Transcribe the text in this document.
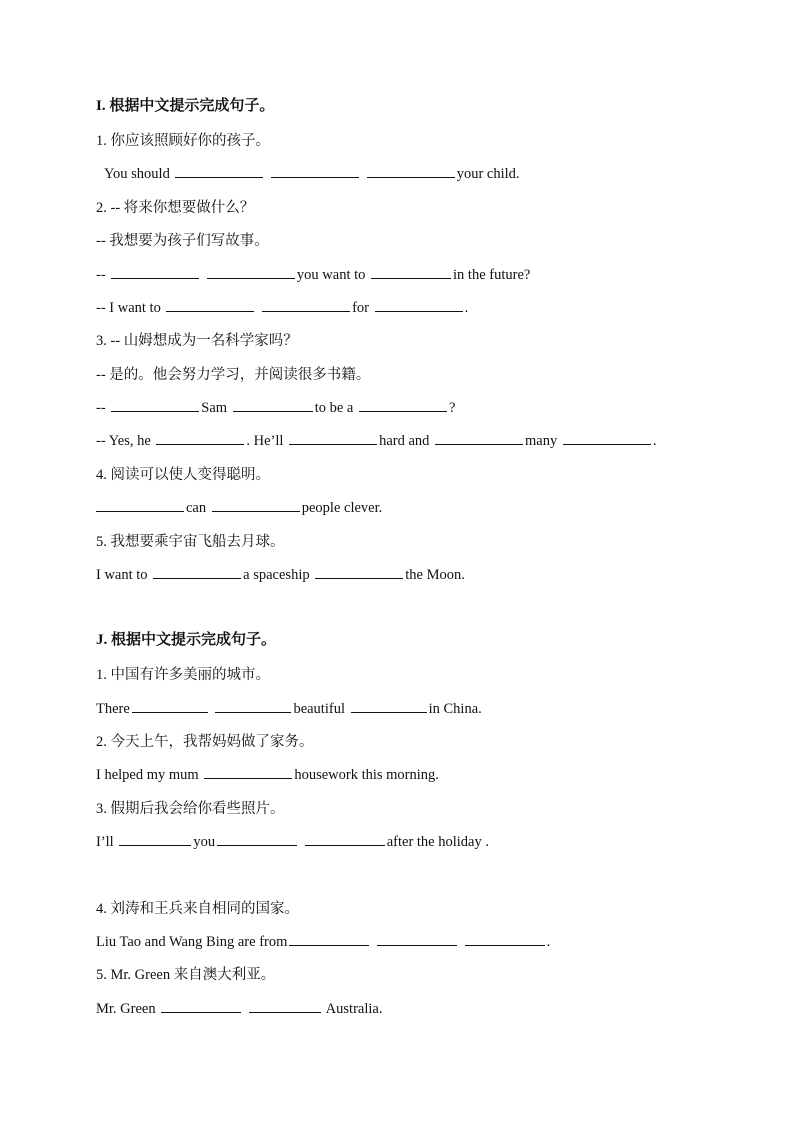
I. 根据中文提示完成句子。
1. 你应该照顾好你的孩子。
You should	your child.
2. -- 将来你想要做什么？
-- 我想要为孩子们写故事。
--	you want to	in the future?
-- I want to	for	.
3. -- 山姆想成为一名科学家吗？
-- 是的。他会努力学习，并阅读很多书籍。
--	Sam	to be a	?
-- Yes, he	. He’ll	hard and	many	.
4. 阅读可以使人变得聪明。
can	people clever.
5. 我想要乘宇宙飞船去月球。
I want to	a spaceship	the Moon.
J. 根据中文提示完成句子。
1. 中国有许多美丽的城市。
There	beautiful	in China.
2. 今天上午，我帮妈妈做了家务。
I helped my mum	housework this morning.
3. 假期后我会给你看些照片。
I’ll	you	after the holiday .
4. 刘涛和王兵来自相同的国家。
Liu Tao and Wang Bing are from	.
5. Mr. Green 来自澳大利亚。
Mr. Green	Australia.
